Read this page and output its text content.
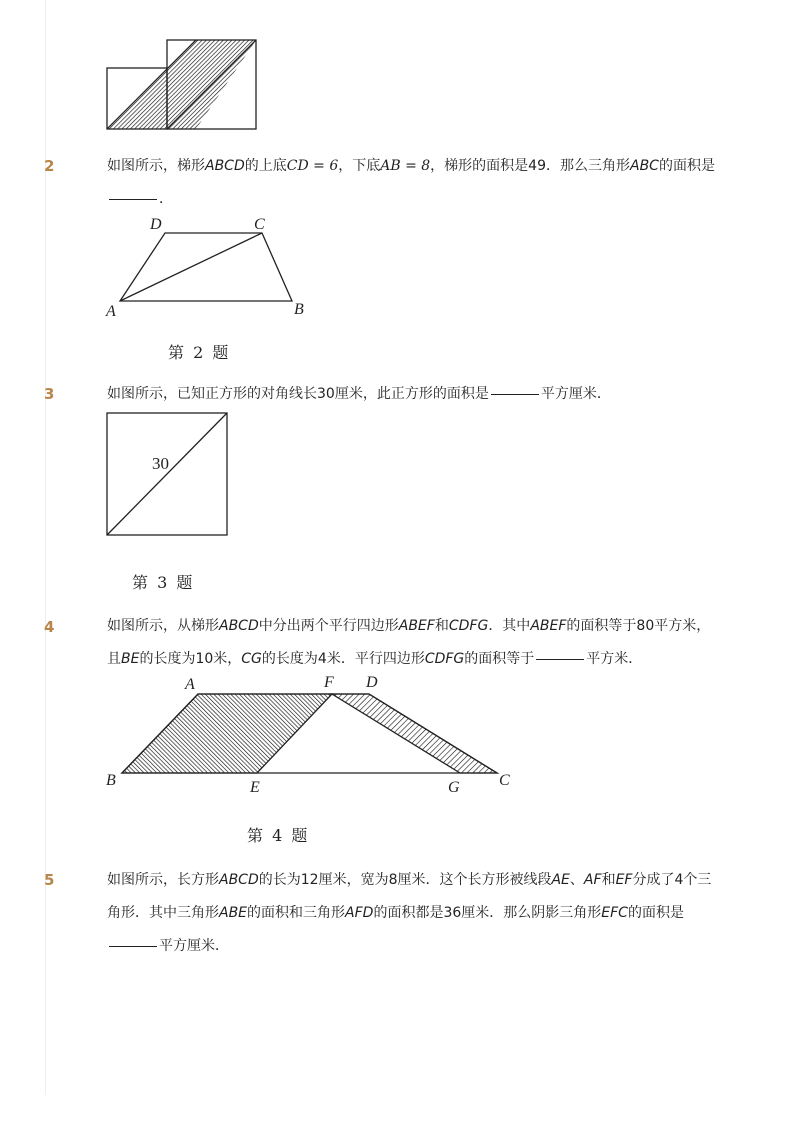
2	如图所示，梯形ABCD的上底CD = 6，下底AB = 8，梯形的面积是49．那么三角形ABC的面积是
．
D	C
A	B
第 2 题
3	如图所示，已知正方形的对角线长30厘米，此正方形的面积是	平方厘米．
30
第 3 题
4	如图所示，从梯形ABCD中分出两个平行四边形ABEF和CDFG．其中ABEF的面积等于80平方米，
且BE的长度为10米，CG的长度为4米．平行四边形CDFG的面积等于	平方米．
A	F D
B	E	G C
第 4 题
5	如图所示，长方形ABCD的长为12厘米，宽为8厘米．这个长方形被线段AE、AF和EF分成了4个三
角形．其中三角形ABE的面积和三角形AFD的面积都是36厘米．那么阴影三角形EFC的面积是
平方厘米．
